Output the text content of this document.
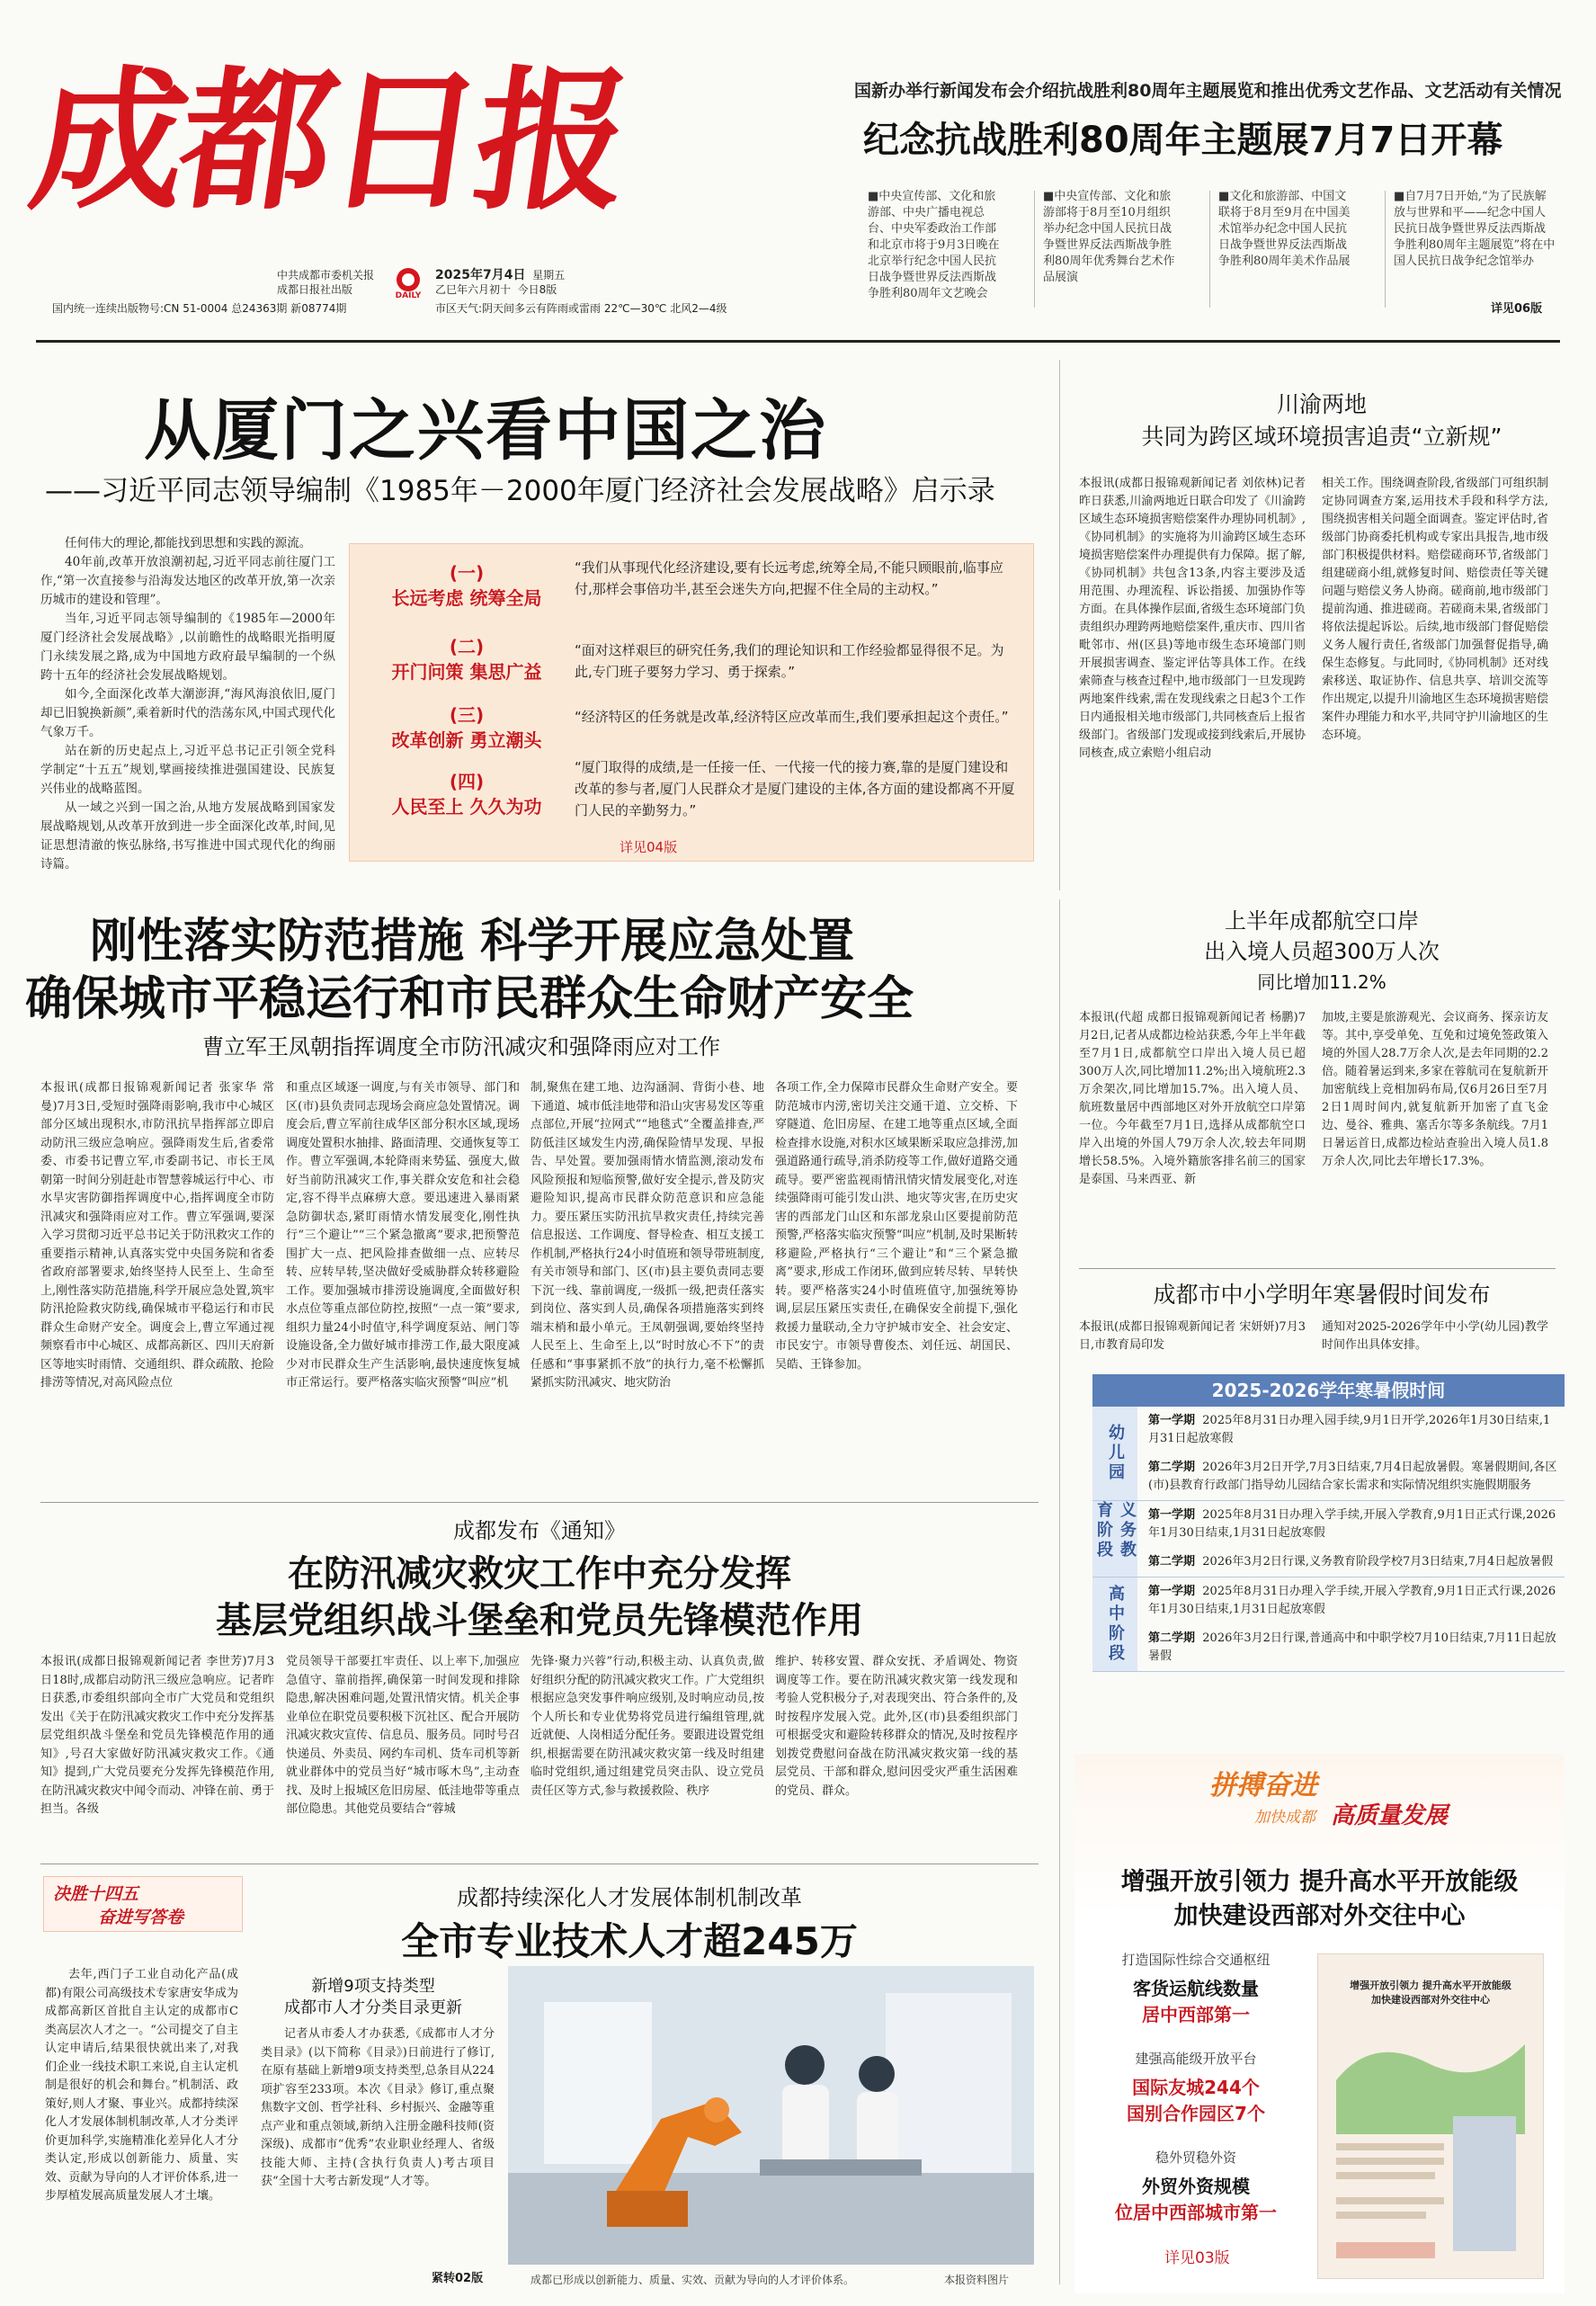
成都日报
中共成都市委机关报
成都日报社出版	DAILY
2025年7月4日 星期五
乙巳年六月初十 今日8版
国内统一连续出版物号:CN 51-0004 总24363期 新08774期	市区天气:阴天间多云有阵雨或雷雨 22℃—30℃ 北风2—4级
国新办举行新闻发布会介绍抗战胜利80周年主题展览和推出优秀文艺作品、文艺活动有关情况
纪念抗战胜利80周年主题展7月7日开幕
■中央宣传部、文化和旅游部、中央广播电视总台、中央军委政治工作部和北京市将于9月3日晚在北京举行纪念中国人民抗日战争暨世界反法西斯战争胜利80周年文艺晚会
■中央宣传部、文化和旅游部将于8月至10月组织举办纪念中国人民抗日战争暨世界反法西斯战争胜利80周年优秀舞台艺术作品展演
■文化和旅游部、中国文联将于8月至9月在中国美术馆举办纪念中国人民抗日战争暨世界反法西斯战争胜利80周年美术作品展
■自7月7日开始,“为了民族解放与世界和平——纪念中国人民抗日战争暨世界反法西斯战争胜利80周年主题展览”将在中国人民抗日战争纪念馆举办
详见06版
从厦门之兴看中国之治
——习近平同志领导编制《1985年－2000年厦门经济社会发展战略》启示录
任何伟大的理论,都能找到思想和实践的源流。
40年前,改革开放浪潮初起,习近平同志前往厦门工作,“第一次直接参与沿海发达地区的改革开放,第一次亲历城市的建设和管理”。
当年,习近平同志领导编制的《1985年—2000年厦门经济社会发展战略》,以前瞻性的战略眼光指明厦门永续发展之路,成为中国地方政府最早编制的一个纵跨十五年的经济社会发展战略规划。
如今,全面深化改革大潮澎湃,“海风海浪依旧,厦门却已旧貌换新颜”,乘着新时代的浩荡东风,中国式现代化气象万千。
站在新的历史起点上,习近平总书记正引领全党科学制定“十五五”规划,擘画接续推进强国建设、民族复兴伟业的战略蓝图。
从一域之兴到一国之治,从地方发展战略到国家发展战略规划,从改革开放到进一步全面深化改革,时间,见证思想清澈的恢弘脉络,书写推进中国式现代化的绚丽诗篇。
(一)
长远考虑 统筹全局
“我们从事现代化经济建设,要有长远考虑,统筹全局,不能只顾眼前,临事应付,那样会事倍功半,甚至会迷失方向,把握不住全局的主动权。”
(二)
开门问策 集思广益
“面对这样艰巨的研究任务,我们的理论知识和工作经验都显得很不足。为此,专门班子要努力学习、勇于探索。”
(三)
改革创新 勇立潮头
“经济特区的任务就是改革,经济特区应改革而生,我们要承担起这个责任。”
(四)
人民至上 久久为功
“厦门取得的成绩,是一任接一任、一代接一代的接力赛,靠的是厦门建设和改革的参与者,厦门人民群众才是厦门建设的主体,各方面的建设都离不开厦门人民的辛勤努力。”
详见04版
川渝两地
共同为跨区域环境损害追责“立新规”
本报讯(成都日报锦观新闻记者 刘依林)记者昨日获悉,川渝两地近日联合印发了《川渝跨区域生态环境损害赔偿案件办理协同机制》,《协同机制》的实施将为川渝跨区域生态环境损害赔偿案件办理提供有力保障。据了解,《协同机制》共包含13条,内容主要涉及适用范围、办理流程、诉讼指援、加强协作等方面。在具体操作层面,省级生态环境部门负责组织办理跨两地赔偿案件,重庆市、四川省毗邻市、州(区县)等地市级生态环境部门则开展损害调查、鉴定评估等具体工作。在线索筛查与核查过程中,地市级部门一旦发现跨两地案件线索,需在发现线索之日起3个工作日内通报相关地市级部门,共同核查后上报省级部门。省级部门发现或接到线索后,开展协同核查,成立索赔小组启动
相关工作。围绕调查阶段,省级部门可组织制定协同调查方案,运用技术手段和科学方法,围绕损害相关问题全面调查。鉴定评估时,省级部门协商委托机构或专家出具报告,地市级部门积极提供材料。赔偿磋商环节,省级部门组建磋商小组,就修复时间、赔偿责任等关键问题与赔偿义务人协商。磋商前,地市级部门提前沟通、推进磋商。若磋商未果,省级部门将依法提起诉讼。后续,地市级部门督促赔偿义务人履行责任,省级部门加强督促指导,确保生态修复。与此同时,《协同机制》还对线索移送、取证协作、信息共享、培训交流等作出规定,以提升川渝地区生态环境损害赔偿案件办理能力和水平,共同守护川渝地区的生态环境。
刚性落实防范措施 科学开展应急处置
确保城市平稳运行和市民群众生命财产安全
曹立军王凤朝指挥调度全市防汛减灾和强降雨应对工作
本报讯(成都日报锦观新闻记者 张家华 常曼)7月3日,受短时强降雨影响,我市中心城区部分区域出现积水,市防汛抗旱指挥部立即启动防汛三级应急响应。强降雨发生后,省委常委、市委书记曹立军,市委副书记、市长王凤朝第一时间分别赶赴市智慧蓉城运行中心、市水旱灾害防御指挥调度中心,指挥调度全市防汛减灾和强降雨应对工作。曹立军强调,要深入学习贯彻习近平总书记关于防汛救灾工作的重要指示精神,认真落实党中央国务院和省委省政府部署要求,始终坚持人民至上、生命至上,刚性落实防范措施,科学开展应急处置,筑牢防汛抢险救灾防线,确保城市平稳运行和市民群众生命财产安全。调度会上,曹立军通过视频察看市中心城区、成都高新区、四川天府新区等地实时雨情、交通组织、群众疏散、抢险排涝等情况,对高风险点位
和重点区域逐一调度,与有关市领导、部门和区(市)县负责同志现场会商应急处置情况。调度会后,曹立军前往成华区部分积水区域,现场调度处置积水抽排、路面清理、交通恢复等工作。曹立军强调,本轮降雨来势猛、强度大,做好当前防汛减灾工作,事关群众安危和社会稳定,容不得半点麻痹大意。要迅速进入暴雨紧急防御状态,紧盯雨情水情发展变化,刚性执行“三个避让”“三个紧急撤离”要求,把预警范围扩大一点、把风险排查做细一点、应转尽转、应转早转,坚决做好受威胁群众转移避险工作。要加强城市排涝设施调度,全面做好积水点位等重点部位防控,按照“一点一策”要求,组织力量24小时值守,科学调度泵站、闸门等设施设备,全力做好城市排涝工作,最大限度减少对市民群众生产生活影响,最快速度恢复城市正常运行。要严格落实临灾预警“叫应”机
制,聚焦在建工地、边沟涵洞、背街小巷、地下通道、城市低洼地带和沿山灾害易发区等重点部位,开展“拉网式”“地毯式”全覆盖排查,严防低洼区域发生内涝,确保险情早发现、早报告、早处置。要加强雨情水情监测,滚动发布风险预报和短临预警,做好安全提示,普及防灾避险知识,提高市民群众防范意识和应急能力。要压紧压实防汛抗旱救灾责任,持续完善信息报送、工作调度、督导检查、相互支援工作机制,严格执行24小时值班和领导带班制度,有关市领导和部门、区(市)县主要负责同志要下沉一线、靠前调度,一级抓一级,把责任落实到岗位、落实到人员,确保各项措施落实到终端末梢和最小单元。王凤朝强调,要始终坚持人民至上、生命至上,以“时时放心不下”的责任感和“事事紧抓不放”的执行力,毫不松懈抓紧抓实防汛减灾、地灾防治
各项工作,全力保障市民群众生命财产安全。要防范城市内涝,密切关注交通干道、立交桥、下穿隧道、危旧房屋、在建工地等重点区域,全面检查排水设施,对积水区域果断采取应急排涝,加强道路通行疏导,消杀防疫等工作,做好道路交通疏导。要严密监视雨情汛情灾情发展变化,对连续强降雨可能引发山洪、地灾等灾害,在历史灾害的西部龙门山区和东部龙泉山区要提前防范预警,严格落实临灾预警“叫应”机制,及时果断转移避险,严格执行“三个避让”和“三个紧急撤离”要求,形成工作闭环,做到应转尽转、早转快转。要严格落实24小时值班值守,加强统筹协调,层层压紧压实责任,在确保安全前提下,强化救援力量联动,全力守护城市安全、社会安定、市民安宁。市领导曹俊杰、刘任远、胡国民、吴皓、王锋参加。
上半年成都航空口岸
出入境人员超300万人次
同比增加11.2%
本报讯(代超 成都日报锦观新闻记者 杨鹏)7月2日,记者从成都边检站获悉,今年上半年截至7月1日,成都航空口岸出入境人员已超300万人次,同比增加11.2%;出入境航班2.3万余架次,同比增加15.7%。出入境人员、航班数量居中西部地区对外开放航空口岸第一位。今年截至7月1日,选择从成都航空口岸入出境的外国人79万余人次,较去年同期增长58.5%。入境外籍旅客排名前三的国家是泰国、马来西亚、新
加坡,主要是旅游观光、会议商务、探亲访友等。其中,享受单免、互免和过境免签政策入境的外国人28.7万余人次,是去年同期的2.2倍。随着暑运到来,多家在蓉航司在复航新开加密航线上竞相加码布局,仅6月26日至7月2日1周时间内,就复航新开加密了直飞金边、曼谷、雅典、塞舌尔等多条航线。7月1日暑运首日,成都边检站查验出入境人员1.8万余人次,同比去年增长17.3%。
成都市中小学明年寒暑假时间发布
本报讯(成都日报锦观新闻记者 宋妍妍)7月3日,市教育局印发
通知对2025-2026学年中小学(幼儿园)教学时间作出具体安排。
2025-2026学年寒暑假时间
幼儿园
第一学期 2025年8月31日办理入园手续,9月1日开学,2026年1月30日结束,1月31日起放寒假
第二学期 2026年3月2日开学,7月3日结束,7月4日起放暑假。寒暑假期间,各区(市)县教育行政部门指导幼儿园结合家长需求和实际情况组织实施假期服务
义务教育阶段	第一学期 2025年8月31日办理入学手续,开展入学教育,9月1日正式行课,2026年1月30日结束,1月31日起放寒假
第二学期 2026年3月2日行课,义务教育阶段学校7月3日结束,7月4日起放暑假
高中阶段	第一学期 2025年8月31日办理入学手续,开展入学教育,9月1日正式行课,2026年1月30日结束,1月31日起放寒假
第二学期 2026年3月2日行课,普通高中和中职学校7月10日结束,7月11日起放暑假
成都发布《通知》
在防汛减灾救灾工作中充分发挥
基层党组织战斗堡垒和党员先锋模范作用
本报讯(成都日报锦观新闻记者 李世芳)7月3日18时,成都启动防汛三级应急响应。记者昨日获悉,市委组织部向全市广大党员和党组织发出《关于在防汛减灾救灾工作中充分发挥基层党组织战斗堡垒和党员先锋模范作用的通知》,号召大家做好防汛减灾救灾工作。《通知》提到,广大党员要充分发挥先锋模范作用,在防汛减灾救灾中闻令而动、冲锋在前、勇于担当。各级
党员领导干部要扛牢责任、以上率下,加强应急值守、靠前指挥,确保第一时间发现和排除隐患,解决困难问题,处置汛情灾情。机关企事业单位在职党员要积极下沉社区、配合开展防汛减灾救灾宣传、信息员、服务员。同时号召快递员、外卖员、网约车司机、货车司机等新就业群体中的党员当好“城市啄木鸟”,主动查找、及时上报城区危旧房屋、低洼地带等重点部位隐患。其他党员要结合“蓉城
先锋·聚力兴蓉”行动,积极主动、认真负责,做好组织分配的防汛减灾救灾工作。广大党组织根据应急突发事件响应级别,及时响应动员,按个人所长和专业优势将党员进行编组管理,就近就便、人岗相适分配任务。要跟进设置党组织,根据需要在防汛减灾救灾第一线及时组建临时党组织,通过组建党员突击队、设立党员责任区等方式,参与救援救险、秩序
维护、转移安置、群众安抚、矛盾调处、物资调度等工作。要在防汛减灾救灾第一线发现和考验人党积极分子,对表现突出、符合条件的,及时按程序发展入党。此外,区(市)县委组织部门可根据受灾和避险转移群众的情况,及时按程序划拨党费慰问奋战在防汛减灾救灾第一线的基层党员、干部和群众,慰问因受灾严重生活困难的党员、群众。
决胜十四五
奋进写答卷
成都持续深化人才发展体制机制改革
全市专业技术人才超245万
去年,西门子工业自动化产品(成都)有限公司高级技术专家唐安华成为成都高新区首批自主认定的成都市C类高层次人才之一。“公司提交了自主认定申请后,结果很快就出来了,对我们企业一线技术职工来说,自主认定机制是很好的机会和舞台。”机制活、政策好,则人才聚、事业兴。成都持续深化人才发展体制机制改革,人才分类评价更加科学,实施精准化差异化人才分类认定,形成以创新能力、质量、实效、贡献为导向的人才评价体系,进一步厚植发展高质量发展人才土壤。
新增9项支持类型
成都市人才分类目录更新
记者从市委人才办获悉,《成都市人才分类目录》(以下简称《目录》)日前进行了修订,在原有基础上新增9项支持类型,总条目从224项扩容至233项。本次《目录》修订,重点聚焦数字文创、哲学社科、乡村振兴、金融等重点产业和重点领域,新纳入注册金融科技师(资深级)、成都市“优秀”农业职业经理人、省级技能大师、主持(含执行负责人)考古项目获“全国十大考古新发现”人才等。
紧转02版	成都已形成以创新能力、质量、实效、贡献为导向的人才评价体系。	本报资料图片
拼搏奋进
加快成都 高质量发展
增强开放引领力 提升高水平开放能级
加快建设西部对外交往中心
打造国际性综合交通枢纽
客货运航线数量
居中西部第一
建强高能级开放平台
国际友城244个
国别合作园区7个
稳外贸稳外资
外贸外资规模
位居中西部城市第一
详见03版
增强开放引领力 提升高水平开放能级
加快建设西部对外交往中心
